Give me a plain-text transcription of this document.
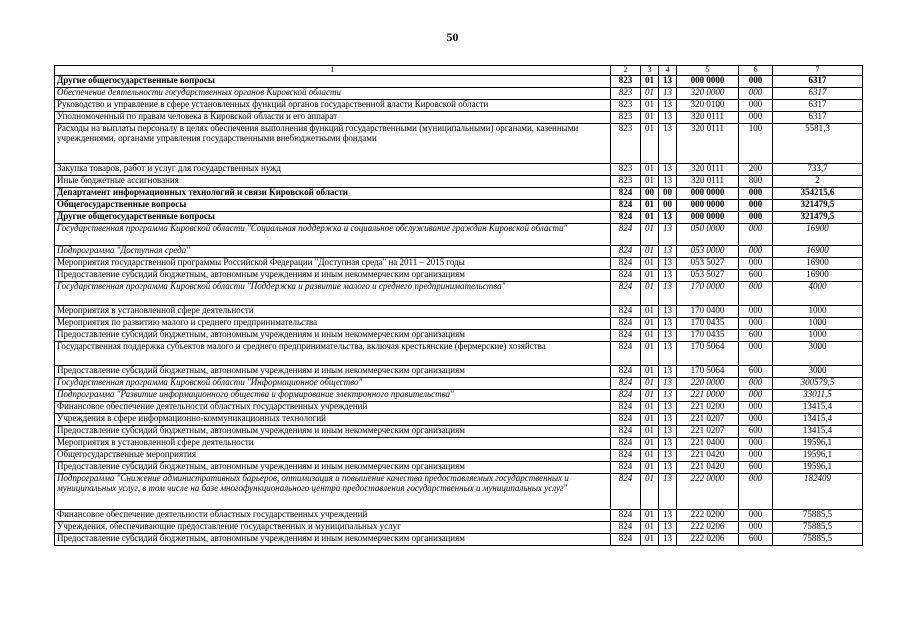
50
1	2	3	4	5	6	7
Другие общегосударственные вопросы	823	01	13	000 0000	000	6317
Обеспечение деятельности государственных органов Кировской области	823	01	13	320 0000	000	6317
Руководство и управление в сфере установленных функций органов государственной власти Кировской области	823	01	13	320 0100	000	6317
Уполномоченный по правам человека в Кировской области и его аппарат	823	01	13	320 0111	000	6317
Расходы на выплаты персоналу в целях обеспечения выполнения функций государственными (муниципальными) органами, казенными учреждениями, органами управления государственными внебюджетными фондами	823	01	13	320 0111	100	5581,3
Закупка товаров, работ и услуг для государственных нужд	823	01	13	320 0111	200	733,7
Иные бюджетные ассигнования	823	01	13	320 0111	800	2
Департамент информационных технологий и связи Кировской области	824	00	00	000 0000	000	354215,6
Общегосударственные вопросы	824	01	00	000 0000	000	321479,5
Другие общегосударственные вопросы	824	01	13	000 0000	000	321479,5
Государственная программа Кировской области "Социальная поддержка и социальное обслуживание граждан Кировской области"	824	01	13	050 0000	000	16900
Подпрограмма "Доступная среда"	824	01	13	053 0000	000	16900
Мероприятия государственной программы Российской Федерации "Доступная среда" на 2011 – 2015 годы	824	01	13	053 5027	000	16900
Предоставление субсидий бюджетным, автономным учреждениям и иным некоммерческим организациям	824	01	13	053 5027	600	16900
Государственная программа Кировской области "Поддержка и развитие малого и среднего предпринимательства"	824	01	13	170 0000	000	4000
Мероприятия в установленной сфере деятельности	824	01	13	170 0400	000	1000
Мероприятия по развитию малого и среднего предпринимательства	824	01	13	170 0435	000	1000
Предоставление субсидий бюджетным, автономным учреждениям и иным некоммерческим организациям	824	01	13	170 0435	600	1000
Государственная поддержка субъектов малого и среднего предпринимательства, включая крестьянские (фермерские) хозяйства	824	01	13	170 5064	000	3000
Предоставление субсидий бюджетным, автономным учреждениям и иным некоммерческим организациям	824	01	13	170 5064	600	3000
Государственная программа Кировской области "Информационное общество"	824	01	13	220 0000	000	300579,5
Подпрограмма "Развитие информационного общества и формирование электронного правительства"	824	01	13	221 0000	000	33011,5
Финансовое обеспечение деятельности областных государственных учреждений	824	01	13	221 0200	000	13415,4
Учреждения в сфере информационно-коммуникационных технологий	824	01	13	221 0207	000	13415,4
Предоставление субсидий бюджетным, автономным учреждениям и иным некоммерческим организациям	824	01	13	221 0207	600	13415,4
Мероприятия в установленной сфере деятельности	824	01	13	221 0400	000	19596,1
Общегосударственные мероприятия	824	01	13	221 0420	000	19596,1
Предоставление субсидий бюджетным, автономным учреждениям и иным некоммерческим организациям	824	01	13	221 0420	600	19596,1
Подпрограмма "Снижение административных барьеров, оптимизация и повышение качества предоставляемых государственных и муниципальных услуг, в том числе на базе многофункционального центра предоставления государственных и муниципальных услуг"	824	01	13	222 0000	000	182409
Финансовое обеспечение деятельности областных государственных учреждений	824	01	13	222 0200	000	75885,5
Учреждения, обеспечивающие предоставление государственных и муниципальных услуг	824	01	13	222 0206	000	75885,5
Предоставление субсидий бюджетным, автономным учреждениям и иным некоммерческим организациям	824	01	13	222 0206	600	75885,5
